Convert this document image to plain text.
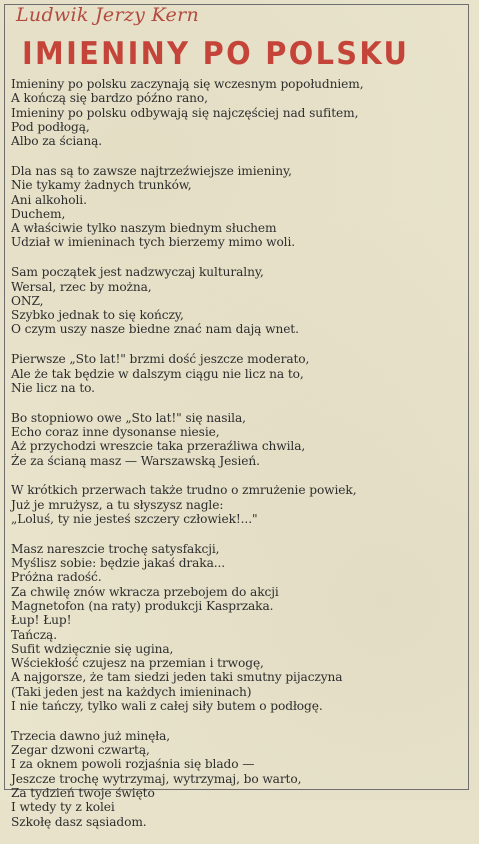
Ludwik Jerzy Kern
IMIENINY PO POLSKU
Imieniny po polsku zaczynają się wczesnym popołudniem,
A kończą się bardzo późno rano,
Imieniny po polsku odbywają się najczęściej nad sufitem,
Pod podłogą,
Albo za ścianą.
Dla nas są to zawsze najtrzeźwiejsze imieniny,
Nie tykamy żadnych trunków,
Ani alkoholi.
Duchem,
A właściwie tylko naszym biednym słuchem
Udział w imieninach tych bierzemy mimo woli.
Sam początek jest nadzwyczaj kulturalny,
Wersal, rzec by można,
ONZ,
Szybko jednak to się kończy,
O czym uszy nasze biedne znać nam dają wnet.
Pierwsze „Sto lat!" brzmi dość jeszcze moderato,
Ale że tak będzie w dalszym ciągu nie licz na to,
Nie licz na to.
Bo stopniowo owe „Sto lat!" się nasila,
Echo coraz inne dysonanse niesie,
Aż przychodzi wreszcie taka przeraźliwa chwila,
Że za ścianą masz — Warszawską Jesień.
W krótkich przerwach także trudno o zmrużenie powiek,
Już je mrużysz, a tu słyszysz nagle:
„Loluś, ty nie jesteś szczery człowiek!..."
Masz nareszcie trochę satysfakcji,
Myślisz sobie: będzie jakaś draka...
Próżna radość.
Za chwilę znów wkracza przebojem do akcji
Magnetofon (na raty) produkcji Kasprzaka.
Łup! Łup!
Tańczą.
Sufit wdzięcznie się ugina,
Wściekłość czujesz na przemian i trwogę,
A najgorsze, że tam siedzi jeden taki smutny pijaczyna
(Taki jeden jest na każdych imieninach)
I nie tańczy, tylko wali z całej siły butem o podłogę.
Trzecia dawno już minęła,
Zegar dzwoni czwartą,
I za oknem powoli rozjaśnia się blado —
Jeszcze trochę wytrzymaj, wytrzymaj, bo warto,
Za tydzień twoje święto
I wtedy ty z kolei
Szkołę dasz sąsiadom.
